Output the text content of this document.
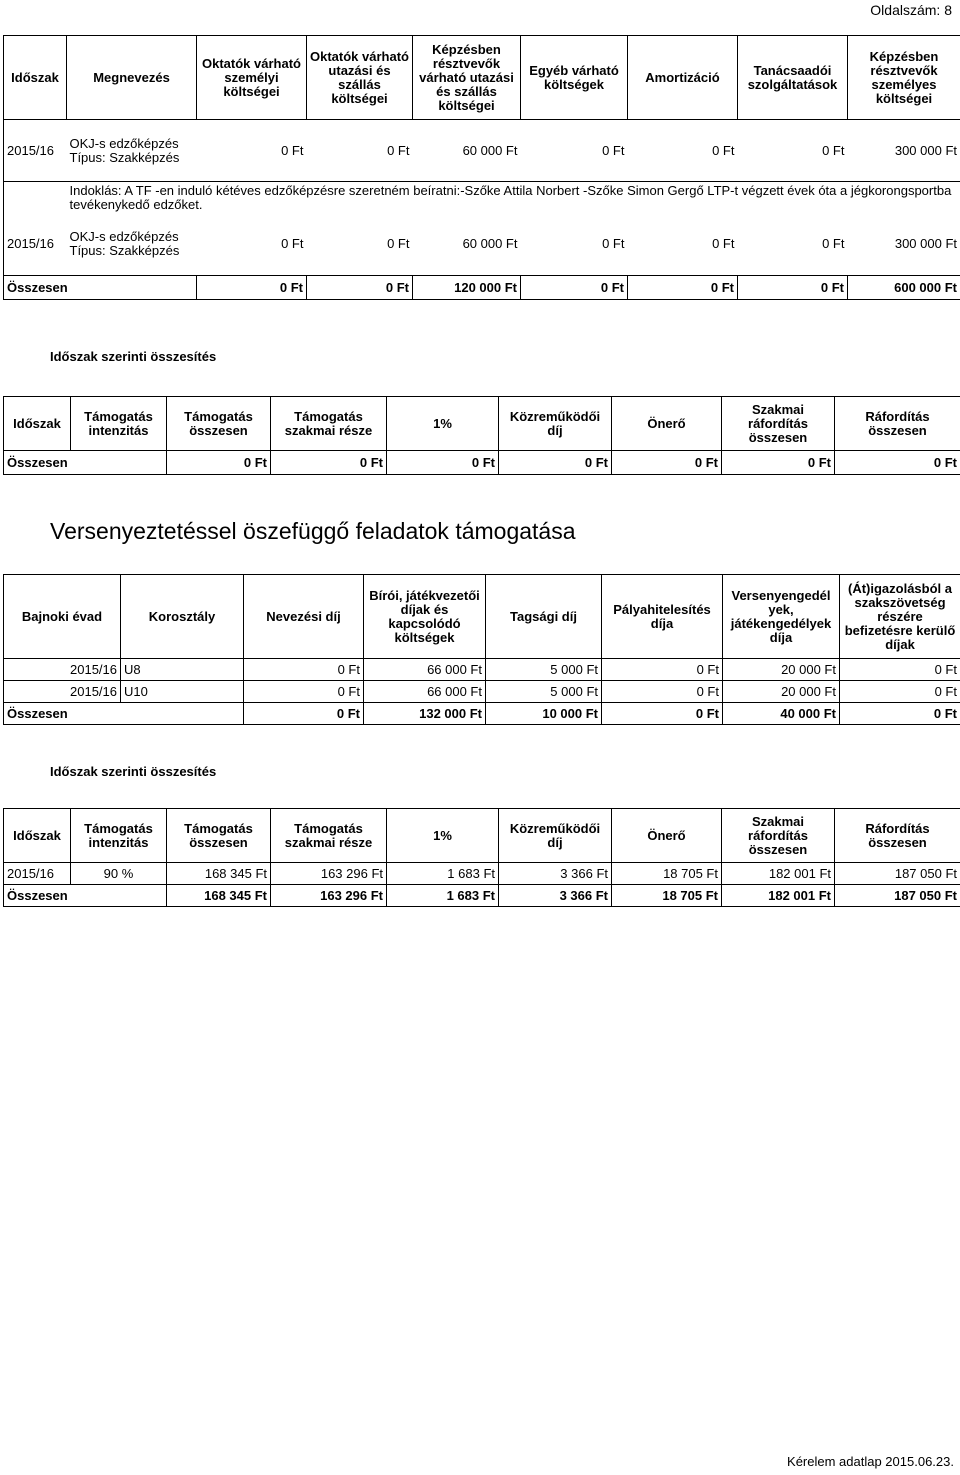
Oldalszám: 8
Időszak	Megnevezés	Oktatók várható személyi költségei	Oktatók várható utazási és szállás költségei	Képzésben résztvevők várható utazási és szállás költségei	Egyéb várható költségek	Amortizáció	Tanácsaadói szolgáltatások	Képzésben résztvevők személyes költségei
2015/16	OKJ-s edzőképzés Típus: Szakképzés	0 Ft	0 Ft	60 000 Ft	0 Ft	0 Ft	0 Ft	300 000 Ft
	Indoklás: A TF -en induló kétéves edzőképzésre szeretném beíratni:-Szőke Attila Norbert -Szőke Simon Gergő LTP-t végzett évek óta a jégkorongsportba tevékenykedő edzőket.							
2015/16	OKJ-s edzőképzés Típus: Szakképzés	0 Ft	0 Ft	60 000 Ft	0 Ft	0 Ft	0 Ft	300 000 Ft
Összesen		0 Ft	0 Ft	120 000 Ft	0 Ft	0 Ft	0 Ft	600 000 Ft
Időszak szerinti összesítés
Időszak	Támogatás intenzitás	Támogatás összesen	Támogatás szakmai része	1%	Közreműködői díj	Önerő	Szakmai ráfordítás összesen	Ráfordítás összesen
Összesen		0 Ft	0 Ft	0 Ft	0 Ft	0 Ft	0 Ft	0 Ft
Versenyeztetéssel öszefüggő feladatok támogatása
Bajnoki évad	Korosztály	Nevezési díj	Bírói, játékvezetői díjak és kapcsolódó költségek	Tagsági díj	Pályahitelesítés díja	Versenyengedél yek, játékengedélyek díja	(Át)igazolásból a szakszövetség részére befizetésre kerülő díjak
2015/16	U8	0 Ft	66 000 Ft	5 000 Ft	0 Ft	20 000 Ft	0 Ft
2015/16	U10	0 Ft	66 000 Ft	5 000 Ft	0 Ft	20 000 Ft	0 Ft
Összesen		0 Ft	132 000 Ft	10 000 Ft	0 Ft	40 000 Ft	0 Ft
Időszak szerinti összesítés
Időszak	Támogatás intenzitás	Támogatás összesen	Támogatás szakmai része	1%	Közreműködői díj	Önerő	Szakmai ráfordítás összesen	Ráfordítás összesen
2015/16	90 %	168 345 Ft	163 296 Ft	1 683 Ft	3 366 Ft	18 705 Ft	182 001 Ft	187 050 Ft
Összesen		168 345 Ft	163 296 Ft	1 683 Ft	3 366 Ft	18 705 Ft	182 001 Ft	187 050 Ft
Kérelem adatlap 2015.06.23.
